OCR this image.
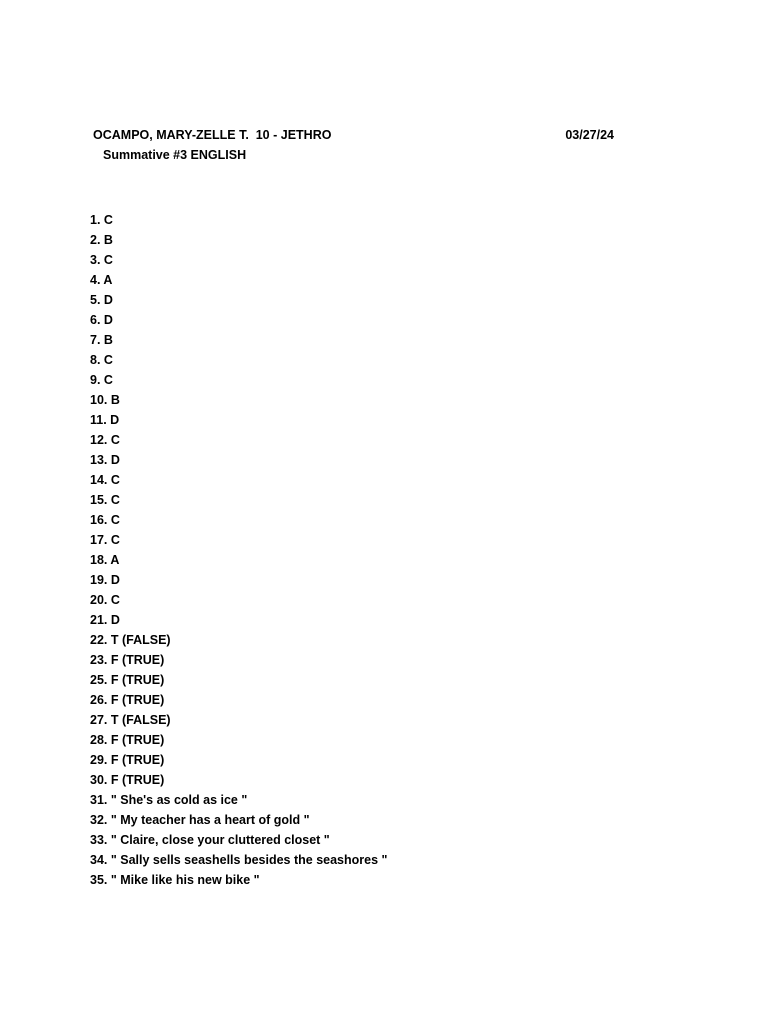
OCAMPO, MARY-ZELLE T.  10 - JETHRO	03/27/24
Summative #3 ENGLISH
1. C
2. B
3. C
4. A
5. D
6. D
7. B
8. C
9. C
10. B
11. D
12. C
13. D
14. C
15. C
16. C
17. C
18. A
19. D
20. C
21. D
22. T (FALSE)
23. F (TRUE)
25. F (TRUE)
26. F (TRUE)
27. T (FALSE)
28. F (TRUE)
29. F (TRUE)
30. F (TRUE)
31. " She's as cold as ice "
32. " My teacher has a heart of gold "
33. " Claire, close your cluttered closet "
34. " Sally sells seashells besides the seashores "
35. " Mike like his new bike "
